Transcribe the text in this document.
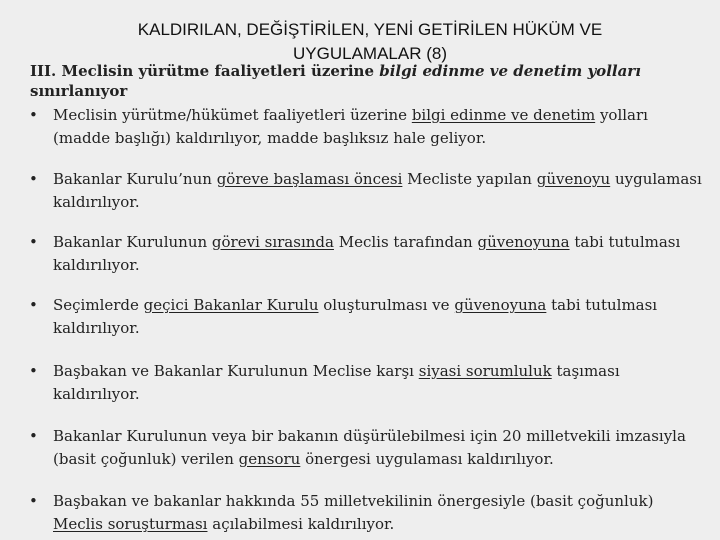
KALDIRILAN, DEĞİŞTİRİLEN, YENİ GETİRİLEN HÜKÜM VE
UYGULAMALAR (8)
III. Meclisin yürütme faaliyetleri üzerine bilgi edinme ve denetim yolları
sınırlanıyor
• Meclisin yürütme/hükümet faaliyetleri üzerine bilgi edinme ve denetim yolları (madde başlığı) kaldırılıyor, madde başlıksız hale geliyor.
• Bakanlar Kurulu’nun göreve başlaması öncesi Mecliste yapılan güvenoyu uygulaması kaldırılıyor.
• Bakanlar Kurulunun görevi sırasında Meclis tarafından güvenoyuna tabi tutulması kaldırılıyor.
• Seçimlerde geçici Bakanlar Kurulu oluşturulması ve güvenoyuna tabi tutulması kaldırılıyor.
• Başbakan ve Bakanlar Kurulunun Meclise karşı siyasi sorumluluk taşıması kaldırılıyor.
• Bakanlar Kurulunun veya bir bakanın düşürülebilmesi için 20 milletvekili imzasıyla (basit çoğunluk) verilen gensoru önergesi uygulaması kaldırılıyor.
• Başbakan ve bakanlar hakkında 55 milletvekilinin önergesiyle (basit çoğunluk) Meclis soruşturması açılabilmesi kaldırılıyor.
